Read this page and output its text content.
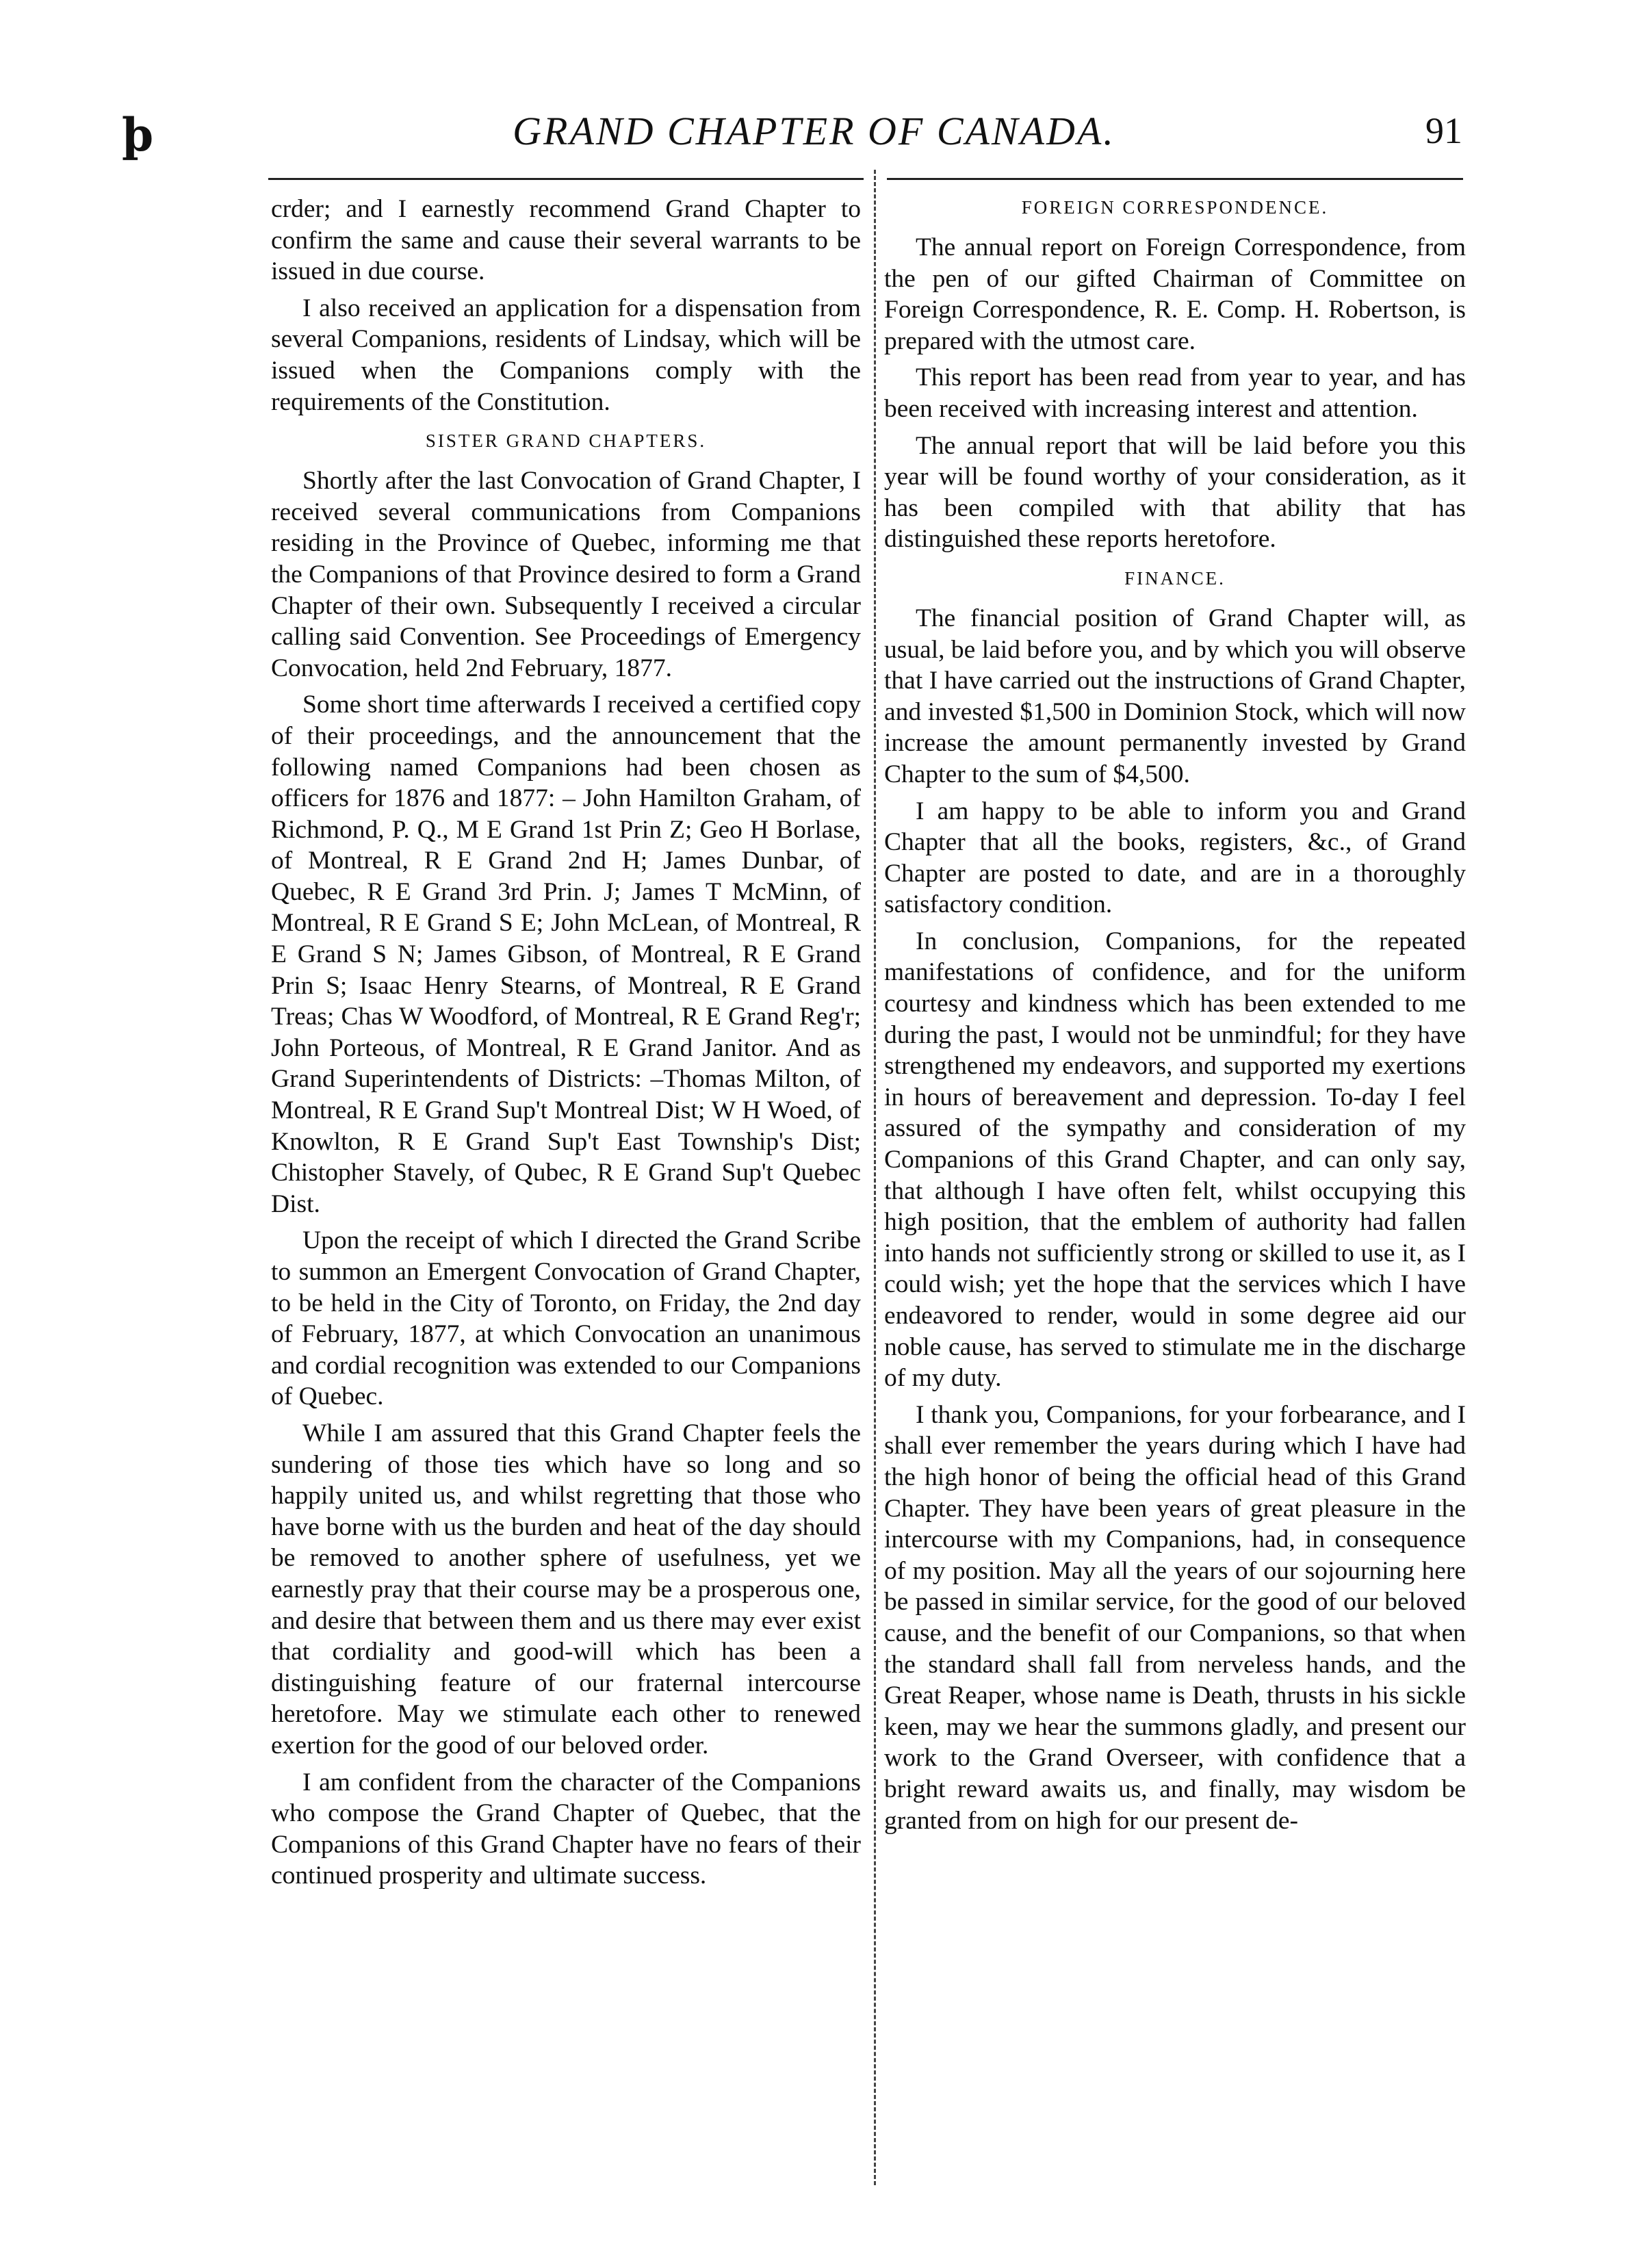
þ	GRAND CHAPTER OF CANADA.	91

crder; and I earnestly recommend Grand Chapter to confirm the same and cause their several warrants to be issued in due course.

I also received an application for a dispensation from several Companions, residents of Lindsay, which will be issued when the Companions comply with the requirements of the Constitution.

SISTER GRAND CHAPTERS.

Shortly after the last Convocation of Grand Chapter, I received several communications from Companions residing in the Province of Quebec, informing me that the Companions of that Province desired to form a Grand Chapter of their own. Subsequently I received a circular calling said Convention. See Proceedings of Emergency Convocation, held 2nd February, 1877.

Some short time afterwards I received a certified copy of their proceedings, and the announcement that the following named Companions had been chosen as officers for 1876 and 1877: – John Hamilton Graham, of Richmond, P. Q., M E Grand 1st Prin Z; Geo H Borlase, of Montreal, R E Grand 2nd H; James Dunbar, of Quebec, R E Grand 3rd Prin. J; James T McMinn, of Montreal, R E Grand S E; John McLean, of Montreal, R E Grand S N; James Gibson, of Montreal, R E Grand Prin S; Isaac Henry Stearns, of Montreal, R E Grand Treas; Chas W Woodford, of Montreal, R E Grand Reg'r; John Porteous, of Montreal, R E Grand Janitor. And as Grand Superintendents of Districts: –Thomas Milton, of Montreal, R E Grand Sup't Montreal Dist; W H Woed, of Knowlton, R E Grand Sup't East Township's Dist; Chistopher Stavely, of Qubec, R E Grand Sup't Quebec Dist.

Upon the receipt of which I directed the Grand Scribe to summon an Emergent Convocation of Grand Chapter, to be held in the City of Toronto, on Friday, the 2nd day of February, 1877, at which Convocation an unanimous and cordial recognition was extended to our Companions of Quebec.

While I am assured that this Grand Chapter feels the sundering of those ties which have so long and so happily united us, and whilst regretting that those who have borne with us the burden and heat of the day should be removed to another sphere of usefulness, yet we earnestly pray that their course may be a prosperous one, and desire that between them and us there may ever exist that cordiality and good-will which has been a distinguishing feature of our fraternal intercourse heretofore. May we stimulate each other to renewed exertion for the good of our beloved order.

I am confident from the character of the Companions who compose the Grand Chapter of Quebec, that the Companions of this Grand Chapter have no fears of their continued prosperity and ultimate success.

FOREIGN CORRESPONDENCE.

The annual report on Foreign Correspondence, from the pen of our gifted Chairman of Committee on Foreign Correspondence, R. E. Comp. H. Robertson, is prepared with the utmost care.

This report has been read from year to year, and has been received with increasing interest and attention.

The annual report that will be laid before you this year will be found worthy of your consideration, as it has been compiled with that ability that has distinguished these reports heretofore.

FINANCE.

The financial position of Grand Chapter will, as usual, be laid before you, and by which you will observe that I have carried out the instructions of Grand Chapter, and invested $1,500 in Dominion Stock, which will now increase the amount permanently invested by Grand Chapter to the sum of $4,500.

I am happy to be able to inform you and Grand Chapter that all the books, registers, &c., of Grand Chapter are posted to date, and are in a thoroughly satisfactory condition.

In conclusion, Companions, for the repeated manifestations of confidence, and for the uniform courtesy and kindness which has been extended to me during the past, I would not be unmindful; for they have strengthened my endeavors, and supported my exertions in hours of bereavement and depression. To-day I feel assured of the sympathy and consideration of my Companions of this Grand Chapter, and can only say, that although I have often felt, whilst occupying this high position, that the emblem of authority had fallen into hands not sufficiently strong or skilled to use it, as I could wish; yet the hope that the services which I have endeavored to render, would in some degree aid our noble cause, has served to stimulate me in the discharge of my duty.

I thank you, Companions, for your forbearance, and I shall ever remember the years during which I have had the high honor of being the official head of this Grand Chapter. They have been years of great pleasure in the intercourse with my Companions, had, in consequence of my position. May all the years of our sojourning here be passed in similar service, for the good of our beloved cause, and the benefit of our Companions, so that when the standard shall fall from nerveless hands, and the Great Reaper, whose name is Death, thrusts in his sickle keen, may we hear the summons gladly, and present our work to the Grand Overseer, with confidence that a bright reward awaits us, and finally, may wisdom be granted from on high for our present de-
